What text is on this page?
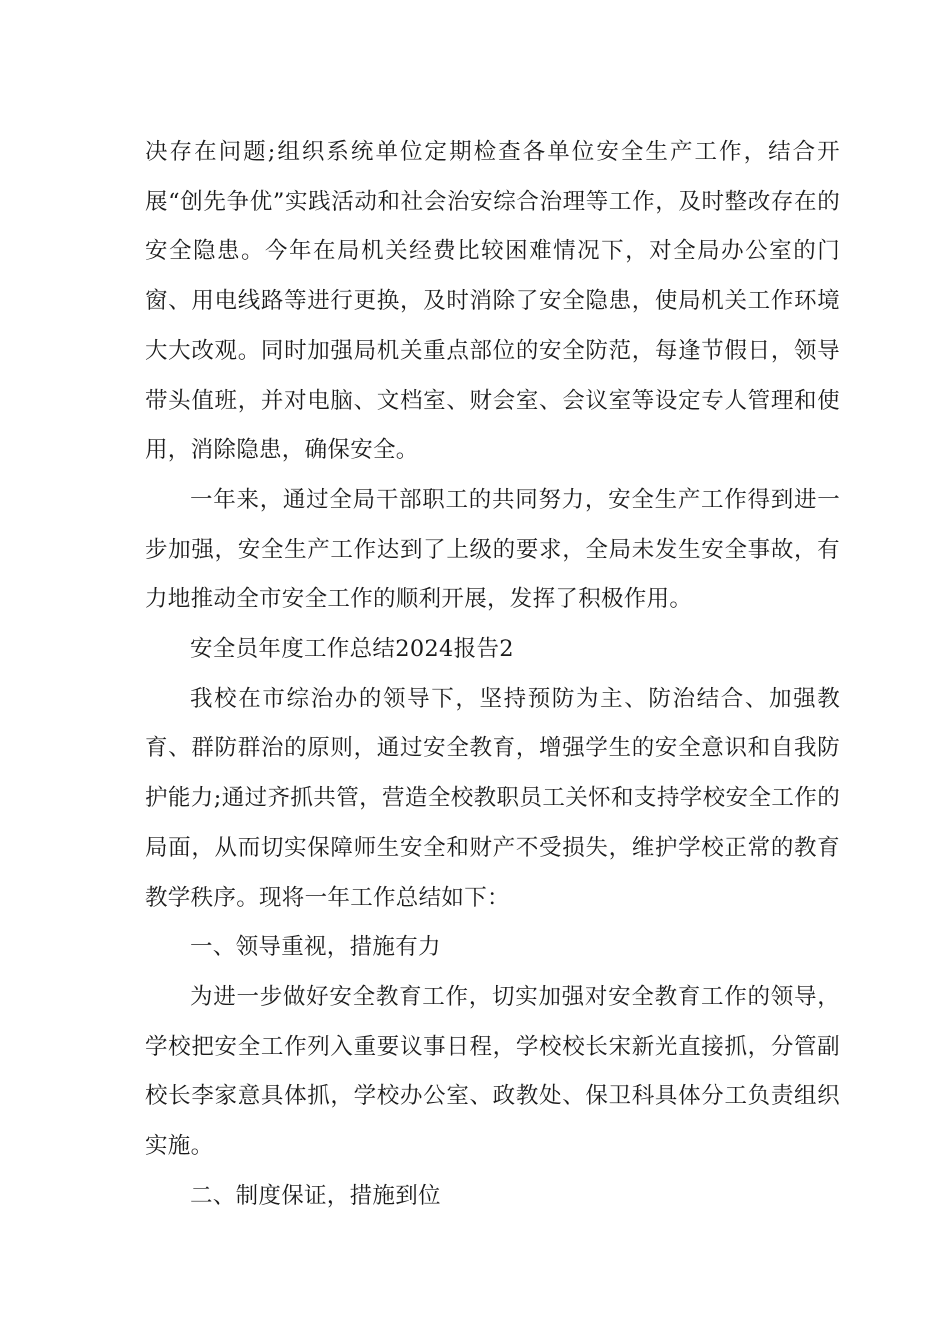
决存在问题;组织系统单位定期检查各单位安全生产工作，结合开展“创先争优”实践活动和社会治安综合治理等工作，及时整改存在的安全隐患。今年在局机关经费比较困难情况下，对全局办公室的门窗、用电线路等进行更换，及时消除了安全隐患，使局机关工作环境大大改观。同时加强局机关重点部位的安全防范，每逢节假日，领导带头值班，并对电脑、文档室、财会室、会议室等设定专人管理和使用，消除隐患，确保安全。

一年来，通过全局干部职工的共同努力，安全生产工作得到进一步加强，安全生产工作达到了上级的要求，全局未发生安全事故，有力地推动全市安全工作的顺利开展，发挥了积极作用。

安全员年度工作总结2024报告2

我校在市综治办的领导下，坚持预防为主、防治结合、加强教育、群防群治的原则，通过安全教育，增强学生的安全意识和自我防护能力;通过齐抓共管，营造全校教职员工关怀和支持学校安全工作的局面，从而切实保障师生安全和财产不受损失，维护学校正常的教育教学秩序。现将一年工作总结如下：

一、领导重视，措施有力

为进一步做好安全教育工作，切实加强对安全教育工作的领导，学校把安全工作列入重要议事日程，学校校长宋新光直接抓，分管副校长李家意具体抓，学校办公室、政教处、保卫科具体分工负责组织实施。

二、制度保证，措施到位
